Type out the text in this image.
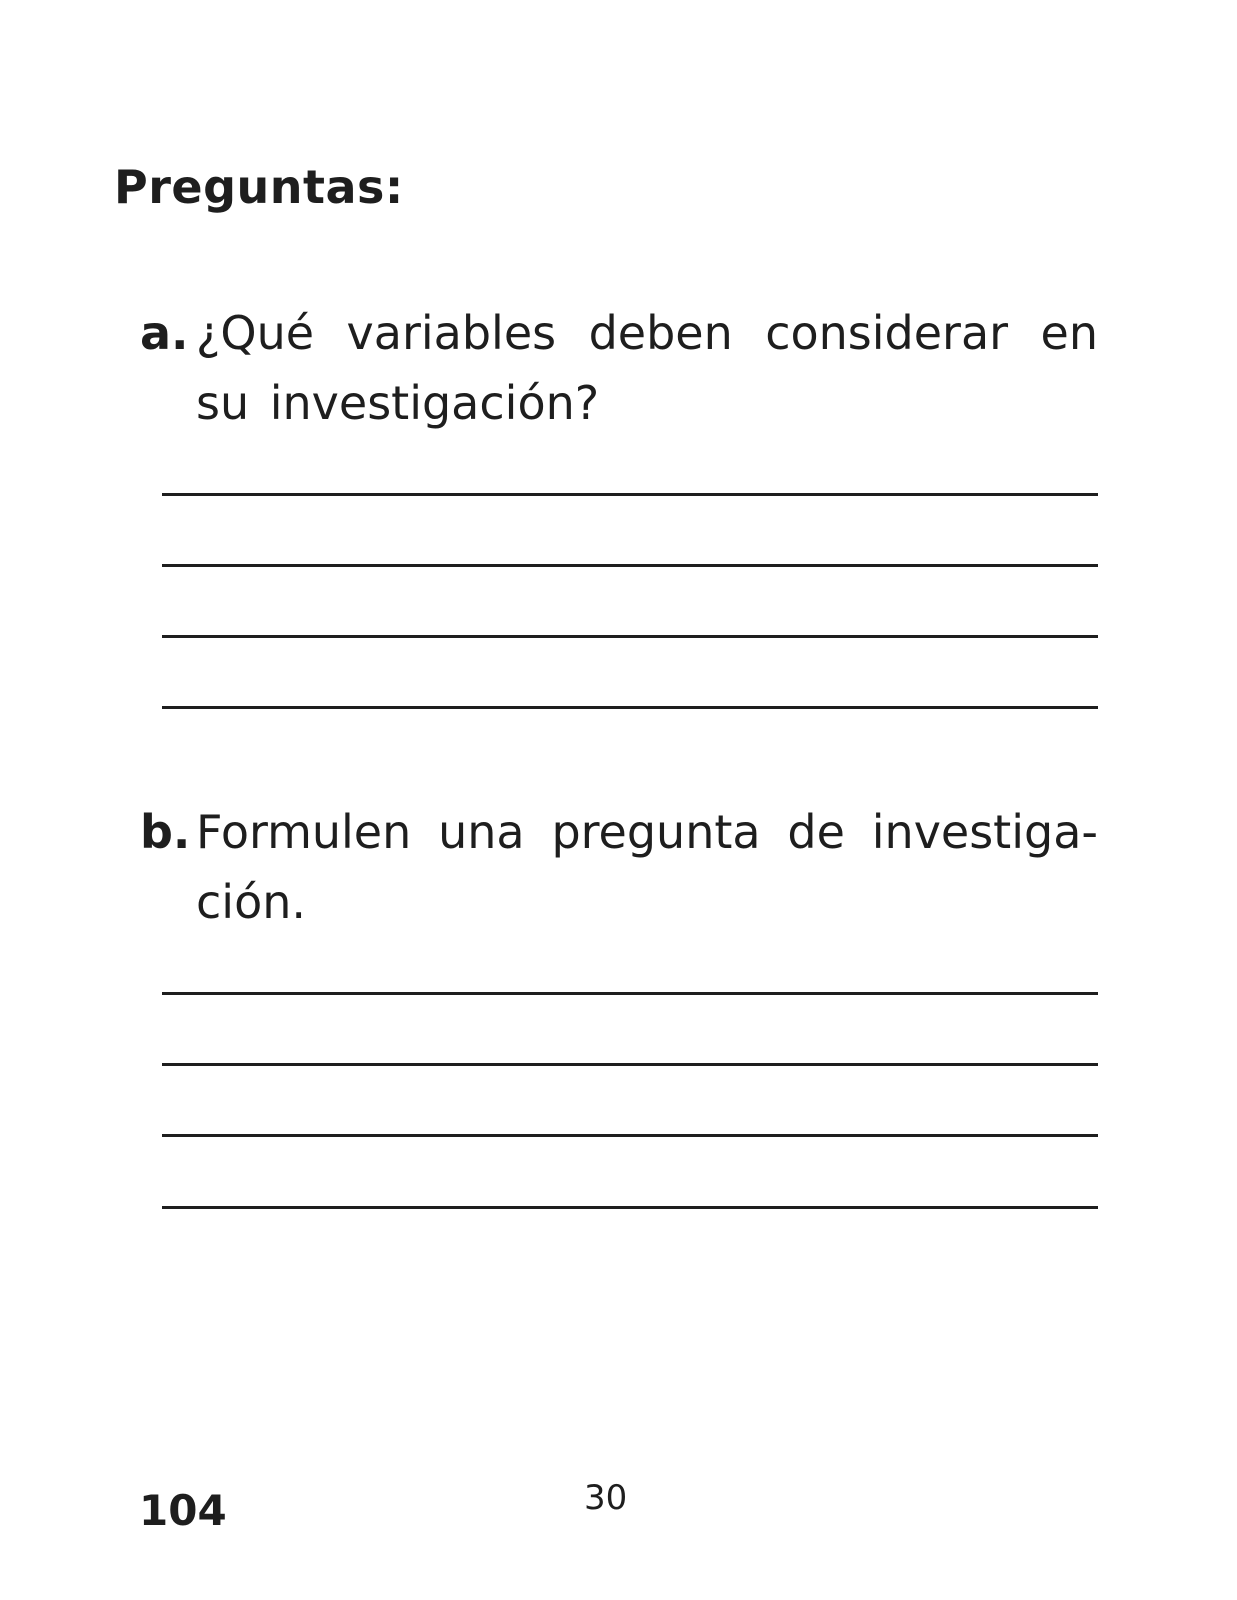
Preguntas:
a. ¿Qué variables deben considerar en su investigación?
b. Formulen una pregunta de investiga-ción.
104	30
